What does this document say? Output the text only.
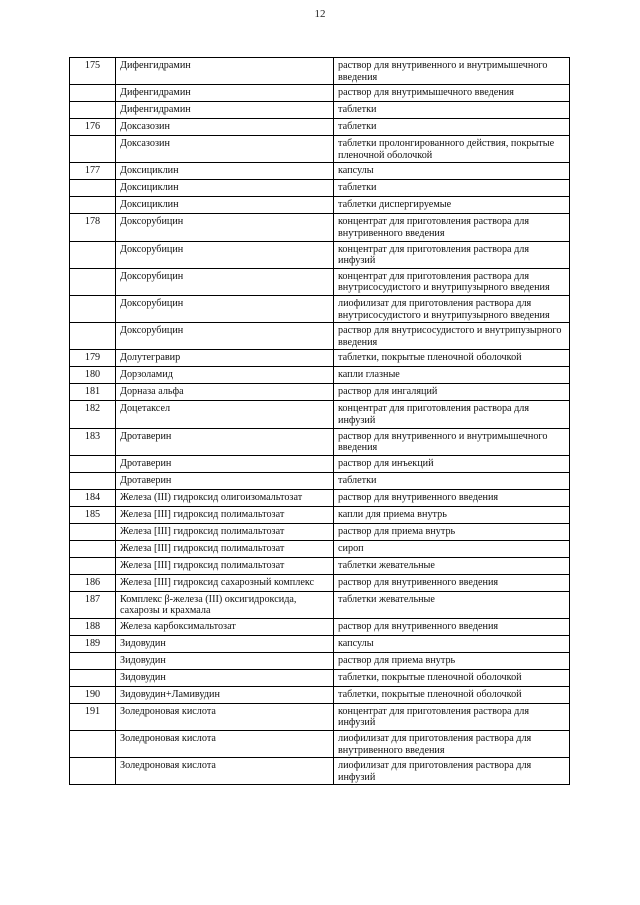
12
175	Дифенгидрамин	раствор для внутривенного и внутримышечного введения
	Дифенгидрамин	раствор для внутримышечного введения
	Дифенгидрамин	таблетки
176	Доксазозин	таблетки
	Доксазозин	таблетки пролонгированного действия, покрытые пленочной оболочкой
177	Доксициклин	капсулы
	Доксициклин	таблетки
	Доксициклин	таблетки диспергируемые
178	Доксорубицин	концентрат для приготовления раствора для внутривенного введения
	Доксорубицин	концентрат для приготовления раствора для инфузий
	Доксорубицин	концентрат для приготовления раствора для внутрисосудистого и внутрипузырного введения
	Доксорубицин	лиофилизат для приготовления раствора для внутрисосудистого и внутрипузырного введения
	Доксорубицин	раствор для внутрисосудистого и внутрипузырного введения
179	Долутегравир	таблетки, покрытые пленочной оболочкой
180	Дорзоламид	капли глазные
181	Дорназа альфа	раствор для ингаляций
182	Доцетаксел	концентрат для приготовления раствора для инфузий
183	Дротаверин	раствор для внутривенного и внутримышечного введения
	Дротаверин	раствор для инъекций
	Дротаверин	таблетки
184	Железа (III) гидроксид олигоизомальтозат	раствор для внутривенного введения
185	Железа [III] гидроксид полимальтозат	капли для приема внутрь
	Железа [III] гидроксид полимальтозат	раствор для приема внутрь
	Железа [III] гидроксид полимальтозат	сироп
	Железа [III] гидроксид полимальтозат	таблетки жевательные
186	Железа [III] гидроксид сахарозный комплекс	раствор для внутривенного введения
187	Комплекс β-железа (III) оксигидроксида, сахарозы и крахмала	таблетки жевательные
188	Железа карбоксимальтозат	раствор для внутривенного введения
189	Зидовудин	капсулы
	Зидовудин	раствор для приема внутрь
	Зидовудин	таблетки, покрытые пленочной оболочкой
190	Зидовудин+Ламивудин	таблетки, покрытые пленочной оболочкой
191	Золедроновая кислота	концентрат для приготовления раствора для инфузий
	Золедроновая кислота	лиофилизат для приготовления раствора для внутривенного введения
	Золедроновая кислота	лиофилизат для приготовления раствора для инфузий
